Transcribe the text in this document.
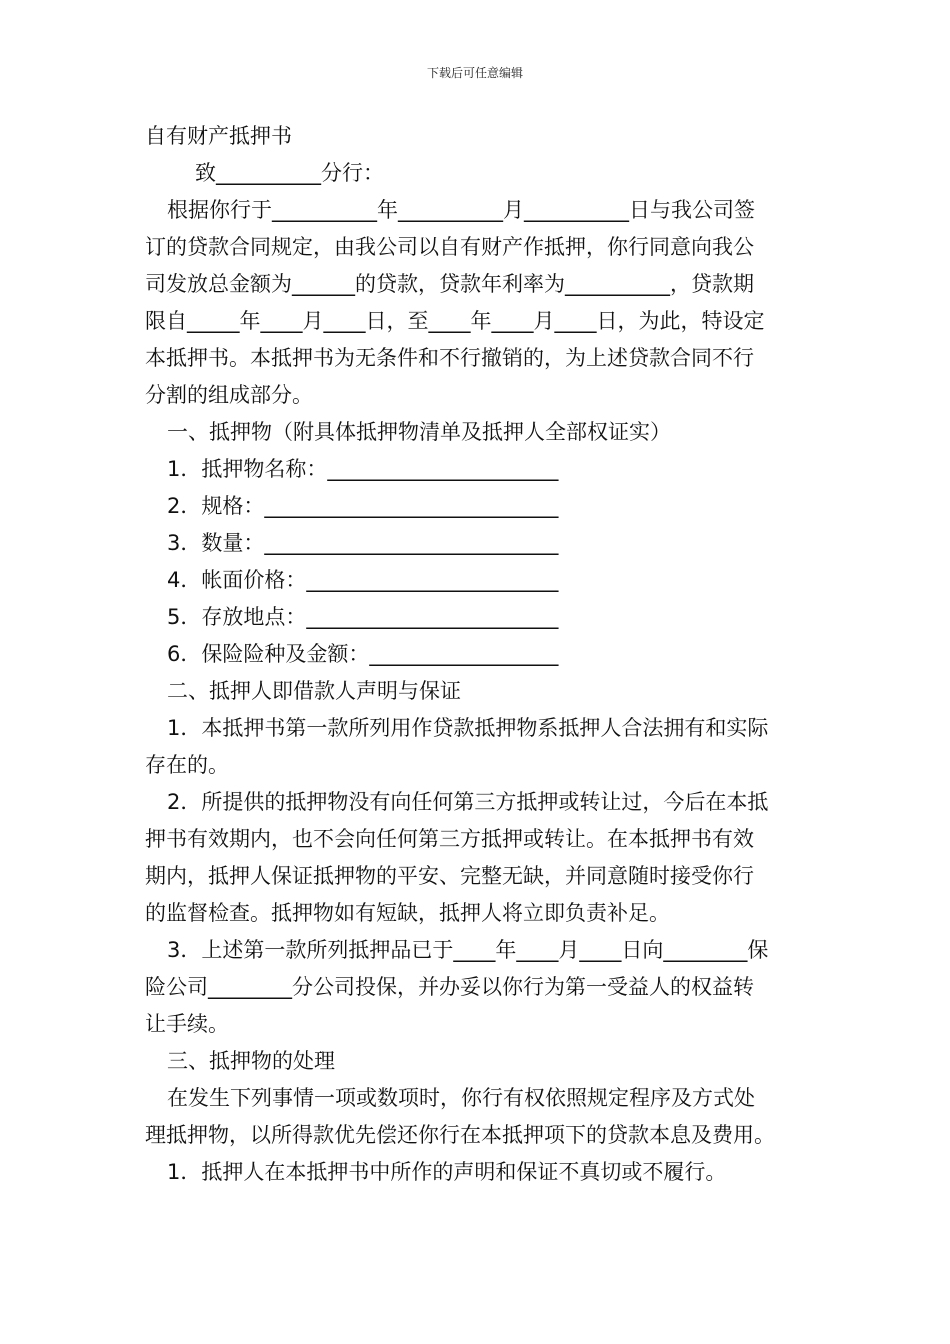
下载后可任意编辑
自有财产抵押书
致__________分行：
根据你行于__________年__________月__________日与我公司签
订的贷款合同规定，由我公司以自有财产作抵押，你行同意向我公
司发放总金额为______的贷款，贷款年利率为__________，贷款期
限自_____年____月____日，至____年____月____日，为此，特设定
本抵押书。本抵押书为无条件和不行撤销的，为上述贷款合同不行
分割的组成部分。
一、抵押物（附具体抵押物清单及抵押人全部权证实）
1．抵押物名称：______________________
2．规格：____________________________
3．数量：____________________________
4．帐面价格：________________________
5．存放地点：________________________
6．保险险种及金额：__________________
二、抵押人即借款人声明与保证
1．本抵押书第一款所列用作贷款抵押物系抵押人合法拥有和实际
存在的。
2．所提供的抵押物没有向任何第三方抵押或转让过，今后在本抵
押书有效期内，也不会向任何第三方抵押或转让。在本抵押书有效
期内，抵押人保证抵押物的平安、完整无缺，并同意随时接受你行
的监督检查。抵押物如有短缺，抵押人将立即负责补足。
3．上述第一款所列抵押品已于____年____月____日向________保
险公司________分公司投保，并办妥以你行为第一受益人的权益转
让手续。
三、抵押物的处理
在发生下列事情一项或数项时，你行有权依照规定程序及方式处
理抵押物，以所得款优先偿还你行在本抵押项下的贷款本息及费用。
1．抵押人在本抵押书中所作的声明和保证不真切或不履行。
